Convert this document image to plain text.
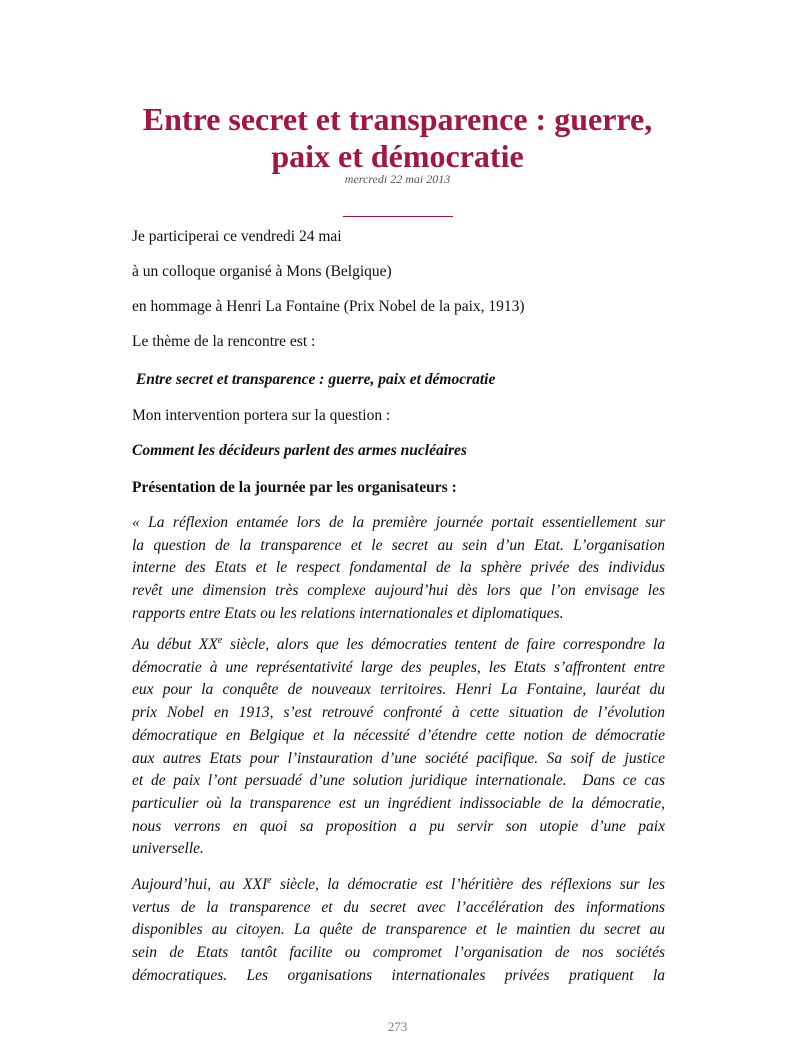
Entre secret et transparence : guerre,
paix et démocratie
mercredi 22 mai 2013
Je participerai ce vendredi 24 mai
à un colloque organisé à Mons (Belgique)
en hommage à Henri La Fontaine (Prix Nobel de la paix, 1913)
Le thème de la rencontre est :
Entre secret et transparence : guerre, paix et démocratie
Mon intervention portera sur la question :
Comment les décideurs parlent des armes nucléaires
Présentation de la journée par les organisateurs :
« La réflexion entamée lors de la première journée portait essentiellement sur
la question de la transparence et le secret au sein d’un Etat. L’organisation
interne des Etats et le respect fondamental de la sphère privée des individus
revêt une dimension très complexe aujourd’hui dès lors que l’on envisage les
rapports entre Etats ou les relations internationales et diplomatiques.
Au début XXe siècle, alors que les démocraties tentent de faire correspondre la
démocratie à une représentativité large des peuples, les Etats s’affrontent entre
eux pour la conquête de nouveaux territoires. Henri La Fontaine, lauréat du
prix Nobel en 1913, s’est retrouvé confronté à cette situation de l’évolution
démocratique en Belgique et la nécessité d’étendre cette notion de démocratie
aux autres Etats pour l’instauration d’une société pacifique. Sa soif de justice
et de paix l’ont persuadé d’une solution juridique internationale.  Dans ce cas
particulier où la transparence est un ingrédient indissociable de la démocratie,
nous verrons en quoi sa proposition a pu servir son utopie d’une paix
universelle.
Aujourd’hui, au XXIe siècle, la démocratie est l’héritière des réflexions sur les
vertus de la transparence et du secret avec l’accélération des informations
disponibles au citoyen. La quête de transparence et le maintien du secret au
sein de Etats tantôt facilite ou compromet l’organisation de nos sociétés
démocratiques. Les organisations internationales privées pratiquent la
273
